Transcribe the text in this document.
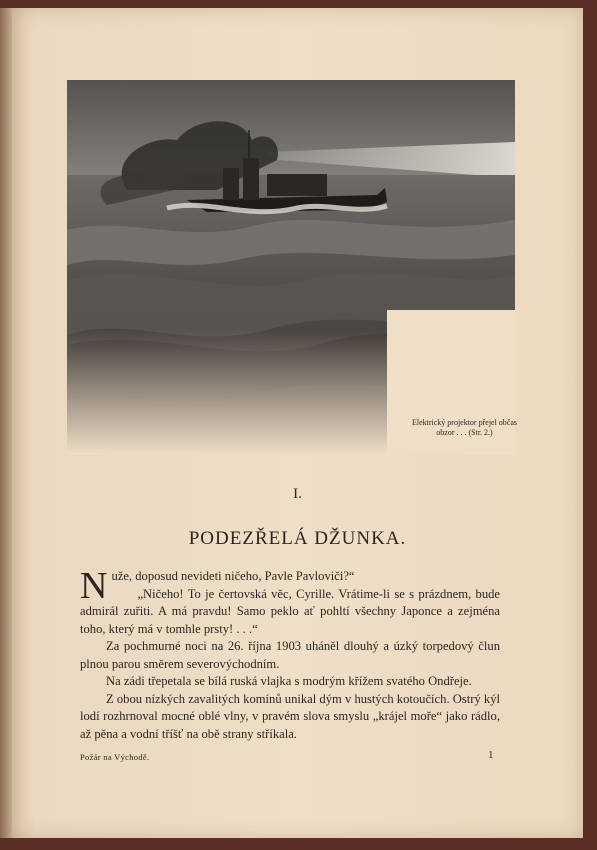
Elektrický projektor přejel občas
obzor . . . (Str. 2.)
I.
PODEZŘELÁ DŽUNKA.

Nuže, doposud nevideti ničeho, Pavle Pavloviči?“

„Ničeho! To je čertovská věc, Cyrille. Vrátime-li se s prázdnem, bude admirál zuřiti. A má pravdu! Samo peklo ať pohltí všechny Japonce a zejména toho, který má v tomhle prsty! . . .“

Za pochmurné noci na 26. října 1903 uháněl dlouhý a úzký torpedový člun plnou parou směrem severovýchodním.

Na zádi třepetala se bílá ruská vlajka s modrým křížem svatého Ondřeje.

Z obou nízkých zavalitých komínů unikal dým v hustých kotoučích. Ostrý kýl lodí rozhrnoval mocné oblé vlny, v pravém slova smyslu „krájel moře“ jako rádlo, až pěna a vodní tříšť na obě strany stříkala.

Požár na Východě.	1
